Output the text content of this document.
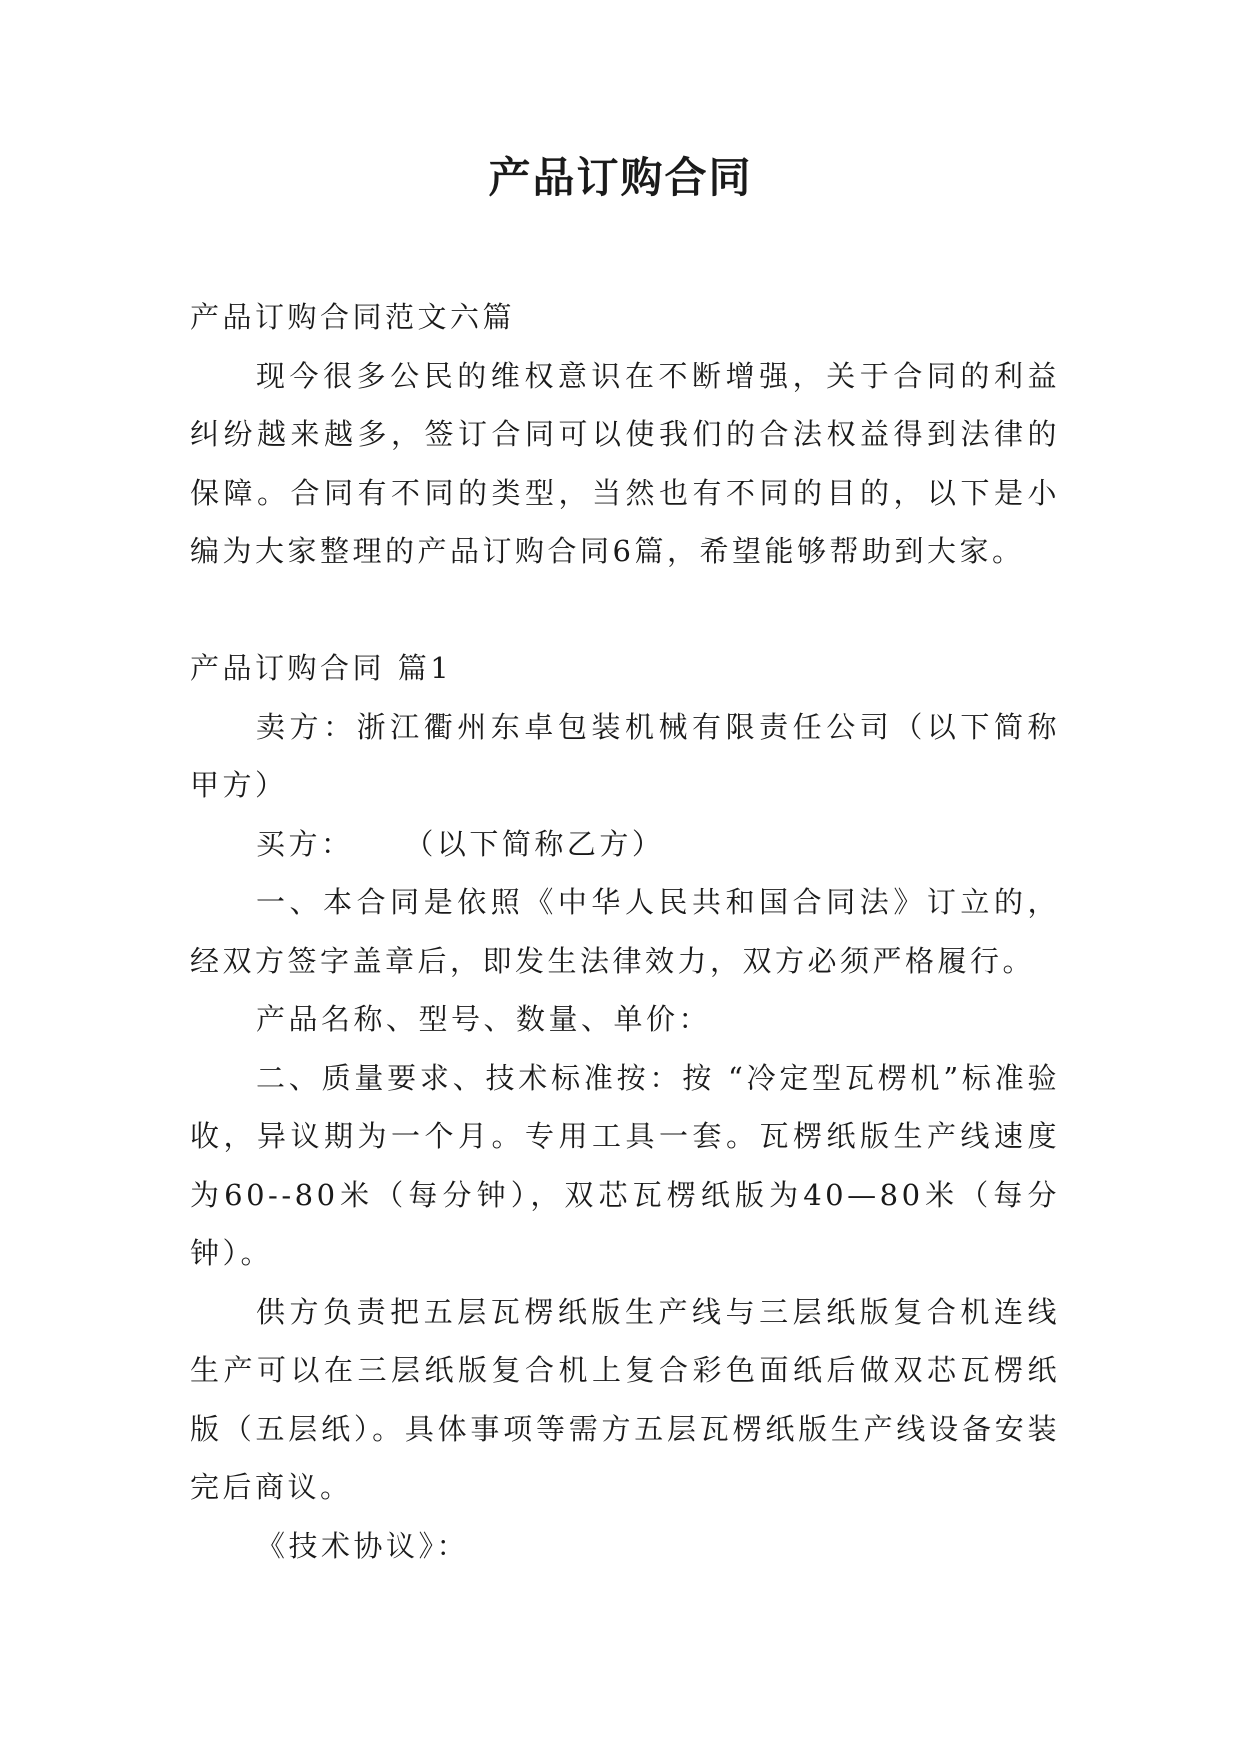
产品订购合同

产品订购合同范文六篇

现今很多公民的维权意识在不断增强，关于合同的利益纠纷越来越多，签订合同可以使我们的合法权益得到法律的保障。合同有不同的类型，当然也有不同的目的，以下是小编为大家整理的产品订购合同6篇，希望能够帮助到大家。

产品订购合同 篇1

卖方：浙江衢州东卓包装机械有限责任公司（以下简称甲方）

买方：    （以下简称乙方）

一、本合同是依照《中华人民共和国合同法》订立的，经双方签字盖章后，即发生法律效力，双方必须严格履行。

产品名称、型号、数量、单价：

二、质量要求、技术标准按：按 “冷定型瓦楞机”标准验收，异议期为一个月。专用工具一套。瓦楞纸版生产线速度为60--80米（每分钟），双芯瓦楞纸版为40—80米（每分钟）。

供方负责把五层瓦楞纸版生产线与三层纸版复合机连线生产可以在三层纸版复合机上复合彩色面纸后做双芯瓦楞纸版（五层纸）。具体事项等需方五层瓦楞纸版生产线设备安装完后商议。

《技术协议》：
